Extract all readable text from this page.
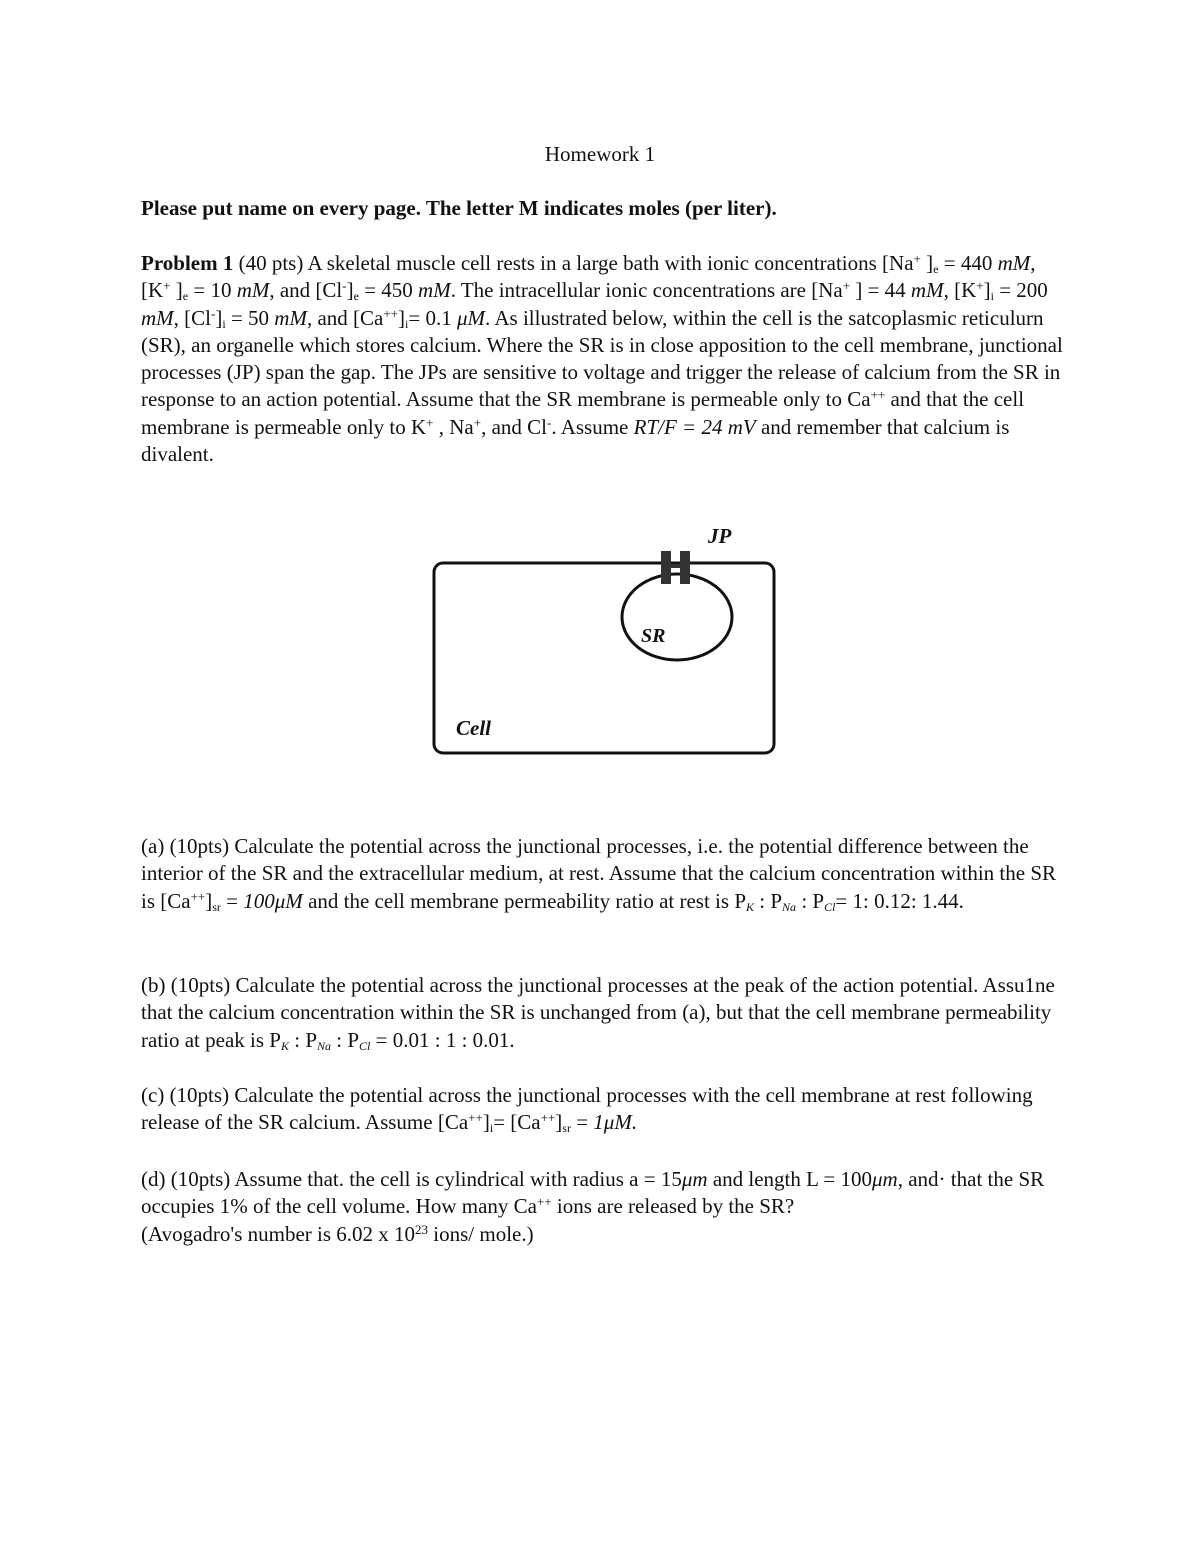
Homework 1
Please put name on every page. The letter M indicates moles (per liter).
Problem 1 (40 pts) A skeletal muscle cell rests in a large bath with ionic concentrations [Na+ ]$_e = 440$ mM, [K+ ]$_e = 10$ mM, and $[Cl^-]_e = 450$ mM. The intracellular ionic concentrations are [Na+ ] = 44 mM, $[K^+]_i = 200$ mM, $[Cl^-]_i = 50$ mM, and $[Ca^{++}]_i= 0.1$ μM. As illustrated below, within the cell is the satcoplasmic reticulurn (SR), an organelle which stores calcium. Where the SR is in close apposition to the cell membrane, junctional processes (JP) span the gap. The JPs are sensitive to voltage and trigger the release of calcium from the SR in response to an action potential. Assume that the SR membrane is permeable only to Ca++ and that the cell membrane is permeable only to K+ , Na+, and Cl-. Assume RT/F = 24 mV and remember that calcium is divalent.
JP
SR
Cell
(a) (10pts) Calculate the potential across the junctional processes, i.e. the potential difference between the interior of the SR and the extracellular medium, at rest. Assume that the calcium concentration within the SR is $[Ca^{++}]_{sr} = 100\mu M$ and the cell membrane permeability ratio at rest is $P_K$ : $P_{Na}$ : $P_{Cl}= 1$: 0.12: 1.44.
(b) (10pts) Calculate the potential across the junctional processes at the peak of the action potential. Assu1ne that the calcium concentration within the SR is unchanged from (a), but that the cell membrane permeability ratio at peak is $P_K$ : $P_{Na}$ : $P_{Cl} = 0.01$ : 1 : 0.01.
(c) (10pts) Calculate the potential across the junctional processes with the cell membrane at rest following release of the SR calcium. Assume $[Ca^{++}]_i= [Ca^{++}]_{sr} = 1\mu M$.
(d) (10pts) Assume that. the cell is cylindrical with radius a = 15μm and length L = 100μm, and· that the SR occupies 1% of the cell volume. How many Ca++ ions are released by the SR?
(Avogadro's number is 6.02 x $10^{23}$ ions/ mole.)
